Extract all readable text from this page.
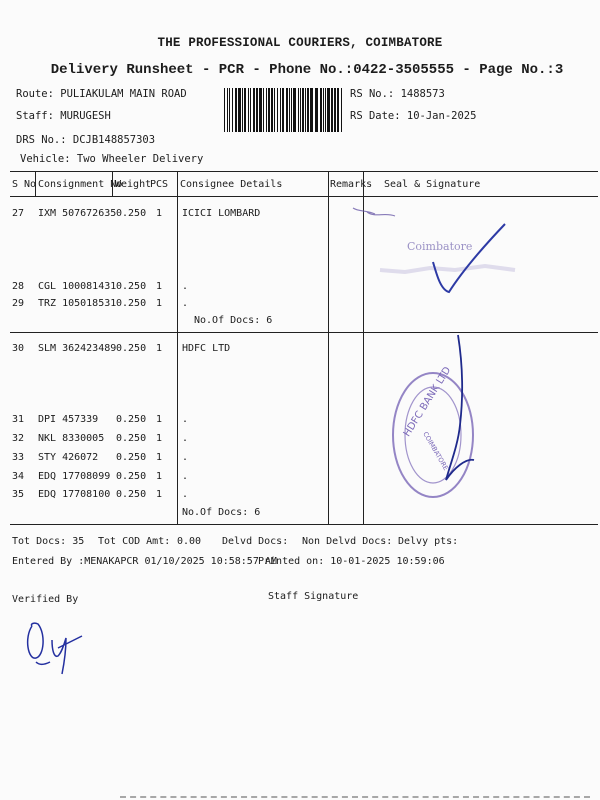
THE PROFESSIONAL COURIERS, COIMBATORE
Delivery Runsheet - PCR - Phone No.:0422-3505555 - Page No.:3
Route: PULIAKULAM MAIN ROAD
Staff: MURUGESH
DRS No.: DCJB148857303
Vehicle: Two Wheeler Delivery
RS No.: 1488573
RS Date: 10-Jan-2025
S No Consignment No
Weight
PCS Consignee Details	Remarks Seal & Signature
27 IXM 507672635 0.250 1 ICICI LOMBARD
28 CGL 100081431 0.250 1 .
29 TRZ 105018531 0.250 1 .
No.Of Docs: 6
30 SLM 362423489 0.250 1 HDFC LTD
31 DPI 457339 0.250 1 .
32 NKL 8330005 0.250 1 .
33 STY 426072 0.250 1 .
34 EDQ 17708099 0.250 1 .
35 EDQ 17708100 0.250 1 .
No.Of Docs: 6
Coimbatore
HDFC BANK LTD
COIMBATORE
Tot Docs: 35 Tot COD Amt: 0.00 Delvd Docs: Non Delvd Docs: Delvy pts:
Entered By :MENAKAPCR 01/10/2025 10:58:57 AM
Printed on: 10-01-2025 10:59:06
Verified By	Staff Signature
